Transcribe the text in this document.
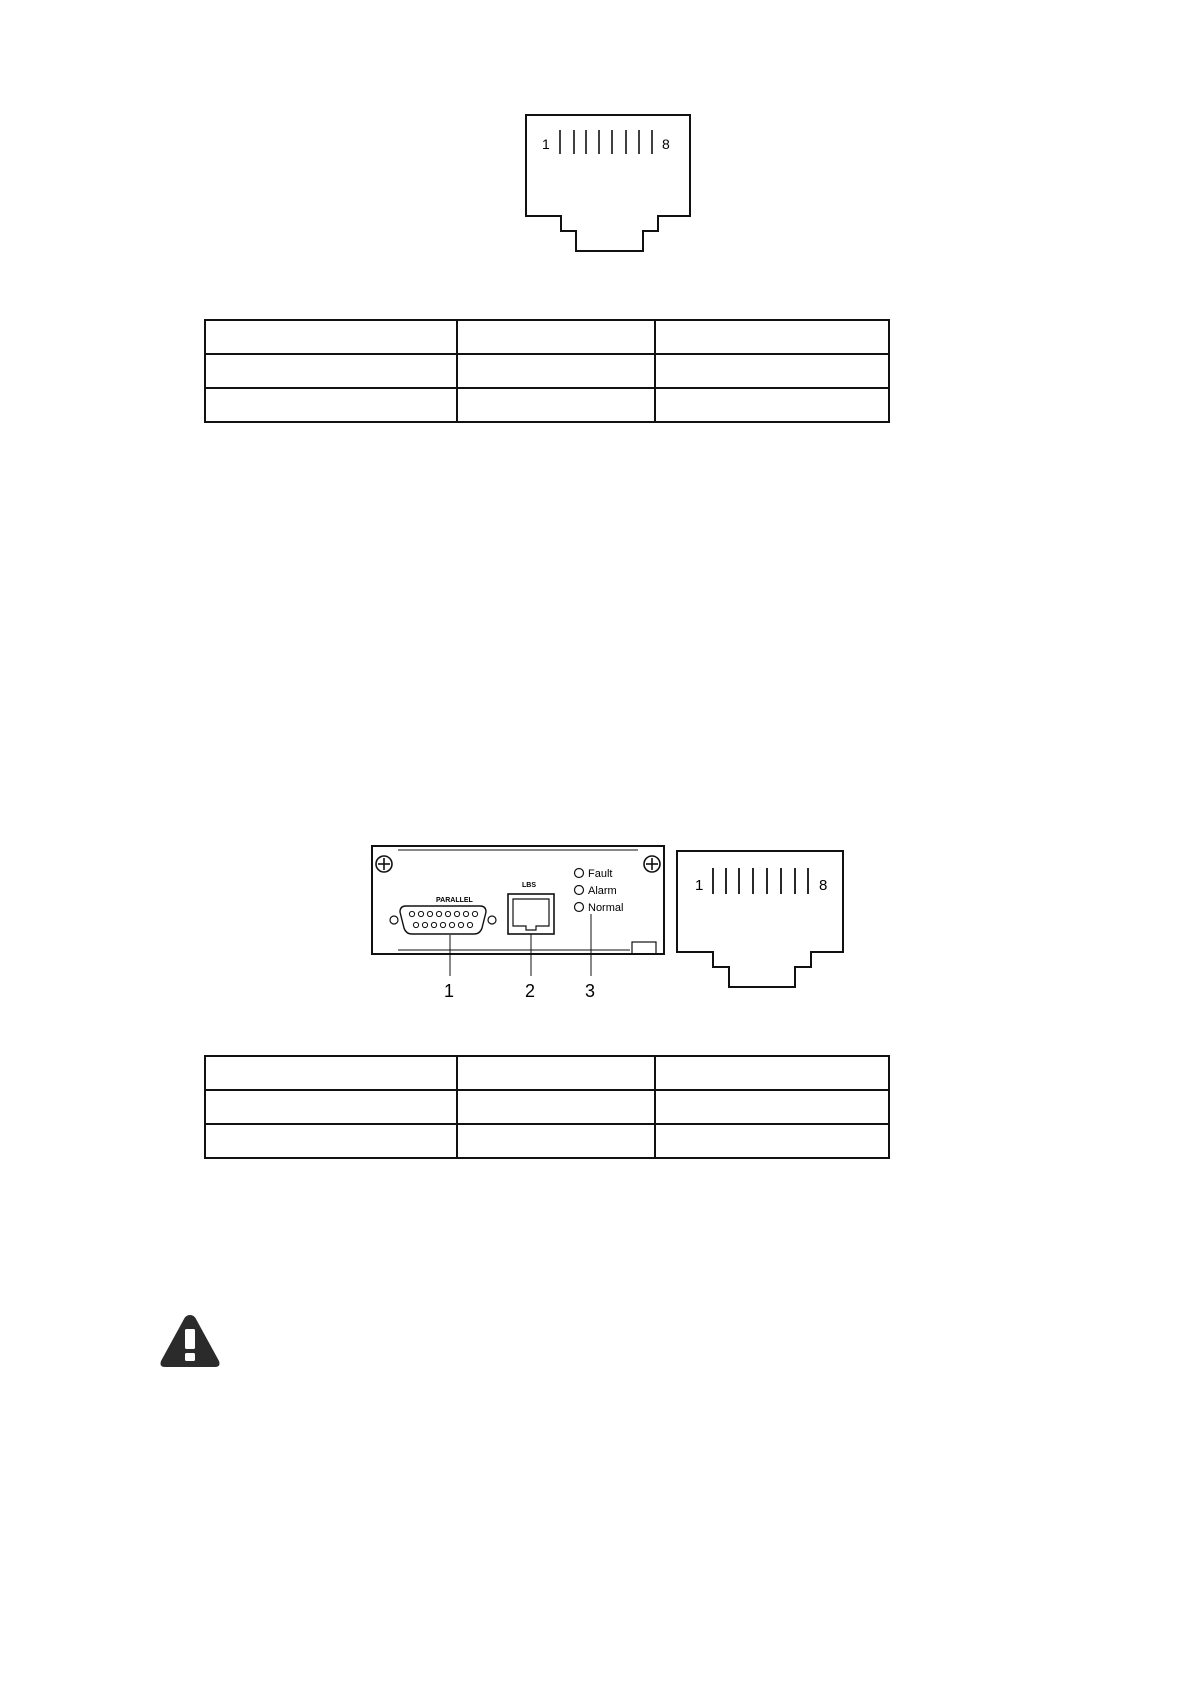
1	8

PARALLEL
LBS
Fault
Alarm
Normal
1	2	3
1	8
